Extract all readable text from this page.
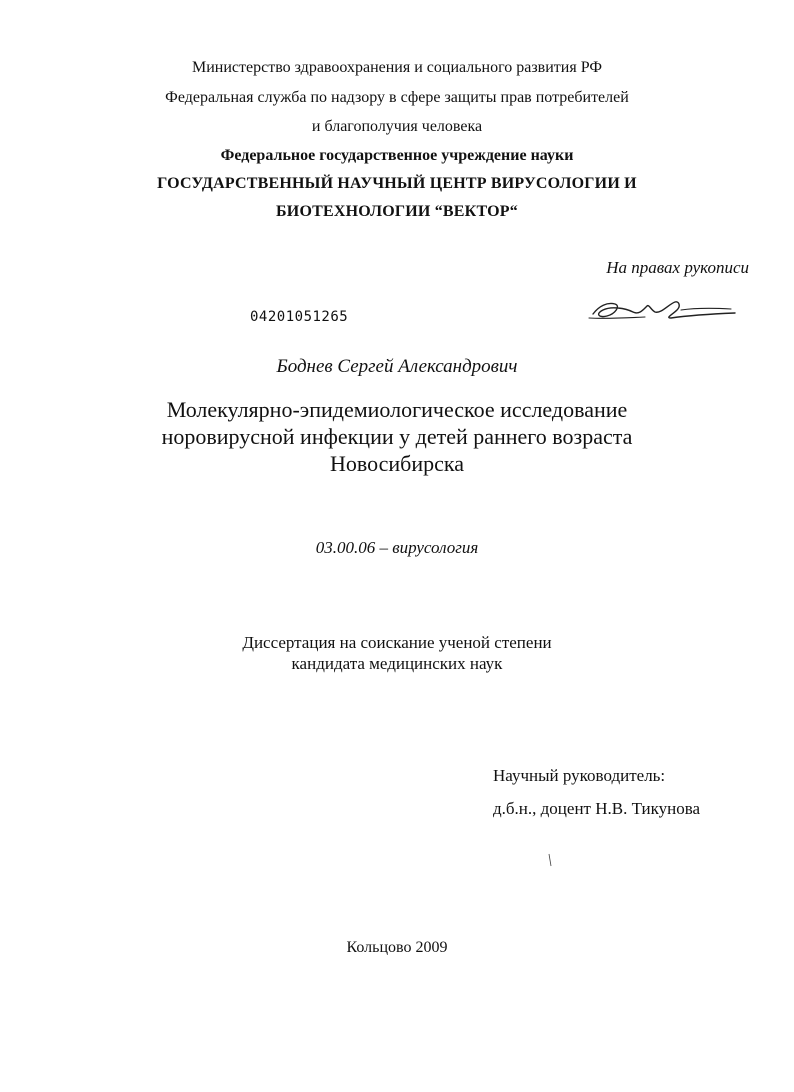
Министерство здравоохранения и социального развития РФ
Федеральная служба по надзору в сфере защиты прав потребителей
и благополучия человека
Федеральное государственное учреждение науки
ГОСУДАРСТВЕННЫЙ НАУЧНЫЙ ЦЕНТР ВИРУСОЛОГИИ И
БИОТЕХНОЛОГИИ “ВЕКТОР“
На правах рукописи
04201051265
Боднев Сергей Александрович
Молекулярно-эпидемиологическое исследование
норовирусной инфекции у детей раннего возраста
Новосибирска
03.00.06 – вирусология
Диссертация на соискание ученой степени
кандидата медицинских наук
Научный руководитель:
д.б.н., доцент Н.В. Тикунова
Кольцово 2009
